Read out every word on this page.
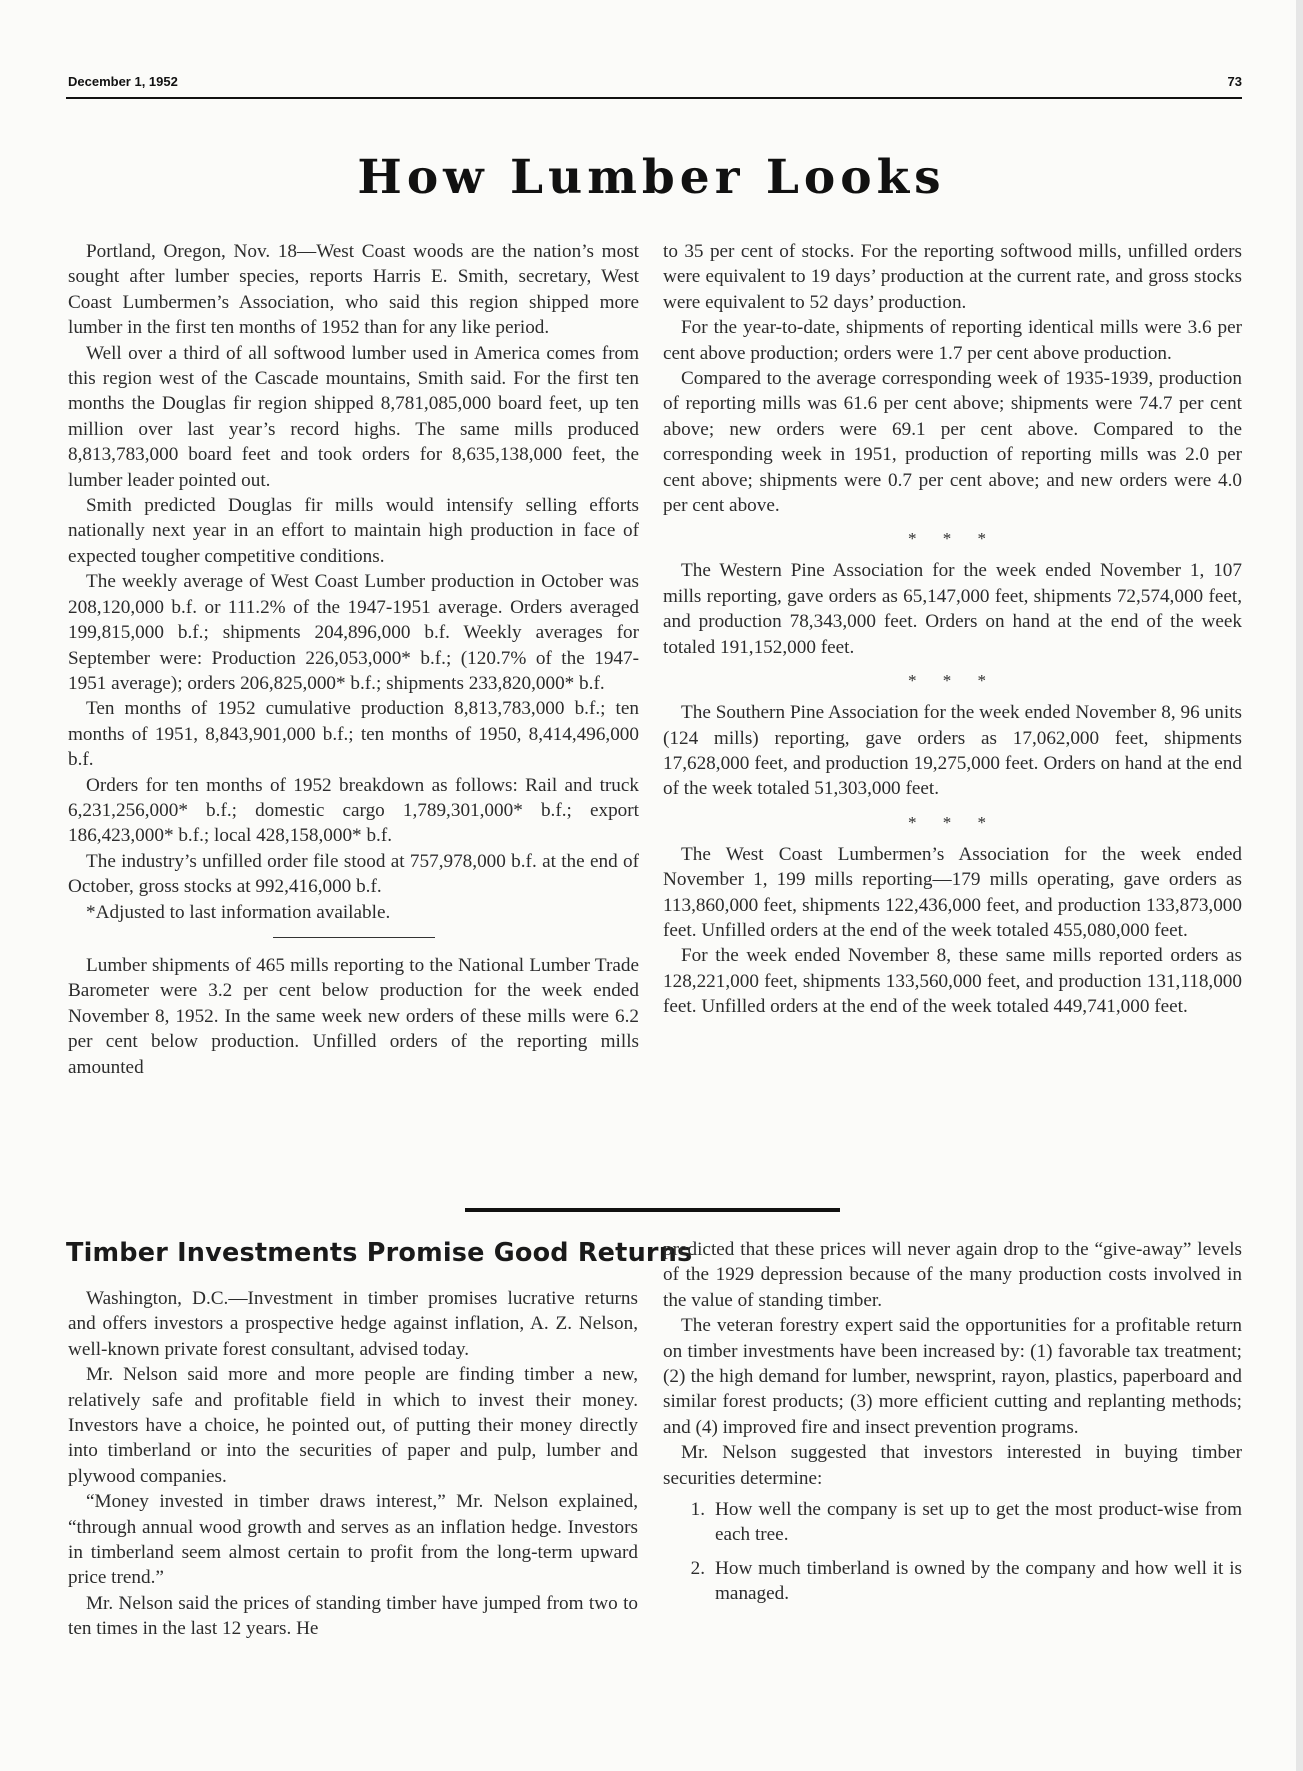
December 1, 1952	73
How Lumber Looks

Portland, Oregon, Nov. 18—West Coast woods are the nation’s most sought after lumber species, reports Harris E. Smith, secretary, West Coast Lumbermen’s Association, who said this region shipped more lumber in the first ten months of 1952 than for any like period.

Well over a third of all softwood lumber used in America comes from this region west of the Cascade mountains, Smith said. For the first ten months the Douglas fir region shipped 8,781,085,000 board feet, up ten million over last year’s record highs. The same mills produced 8,813,783,000 board feet and took orders for 8,635,138,000 feet, the lumber leader pointed out.

Smith predicted Douglas fir mills would intensify selling efforts nationally next year in an effort to maintain high production in face of expected tougher competitive conditions.

The weekly average of West Coast Lumber production in October was 208,120,000 b.f. or 111.2% of the 1947-1951 average. Orders averaged 199,815,000 b.f.; shipments 204,896,000 b.f. Weekly averages for September were: Production 226,053,000* b.f.; (120.7% of the 1947-1951 average); orders 206,825,000* b.f.; shipments 233,820,000* b.f.

Ten months of 1952 cumulative production 8,813,783,000 b.f.; ten months of 1951, 8,843,901,000 b.f.; ten months of 1950, 8,414,496,000 b.f.

Orders for ten months of 1952 breakdown as follows: Rail and truck 6,231,256,000* b.f.; domestic cargo 1,789,301,000* b.f.; export 186,423,000* b.f.; local 428,158,000* b.f.

The industry’s unfilled order file stood at 757,978,000 b.f. at the end of October, gross stocks at 992,416,000 b.f.

*Adjusted to last information available.

Lumber shipments of 465 mills reporting to the National Lumber Trade Barometer were 3.2 per cent below production for the week ended November 8, 1952. In the same week new orders of these mills were 6.2 per cent below production. Unfilled orders of the reporting mills amounted

to 35 per cent of stocks. For the reporting softwood mills, unfilled orders were equivalent to 19 days’ production at the current rate, and gross stocks were equivalent to 52 days’ production.

For the year-to-date, shipments of reporting identical mills were 3.6 per cent above production; orders were 1.7 per cent above production.

Compared to the average corresponding week of 1935-1939, production of reporting mills was 61.6 per cent above; shipments were 74.7 per cent above; new orders were 69.1 per cent above. Compared to the corresponding week in 1951, production of reporting mills was 2.0 per cent above; shipments were 0.7 per cent above; and new orders were 4.0 per cent above.

* * *

The Western Pine Association for the week ended November 1, 107 mills reporting, gave orders as 65,147,000 feet, shipments 72,574,000 feet, and production 78,343,000 feet. Orders on hand at the end of the week totaled 191,152,000 feet.

* * *

The Southern Pine Association for the week ended November 8, 96 units (124 mills) reporting, gave orders as 17,062,000 feet, shipments 17,628,000 feet, and production 19,275,000 feet. Orders on hand at the end of the week totaled 51,303,000 feet.

* * *

The West Coast Lumbermen’s Association for the week ended November 1, 199 mills reporting—179 mills operating, gave orders as 113,860,000 feet, shipments 122,436,000 feet, and production 133,873,000 feet. Unfilled orders at the end of the week totaled 455,080,000 feet.

For the week ended November 8, these same mills reported orders as 128,221,000 feet, shipments 133,560,000 feet, and production 131,118,000 feet. Unfilled orders at the end of the week totaled 449,741,000 feet.

Timber Investments Promise Good Returns

Washington, D.C.—Investment in timber promises lucrative returns and offers investors a prospective hedge against inflation, A. Z. Nelson, well-known private forest consultant, advised today.

Mr. Nelson said more and more people are finding timber a new, relatively safe and profitable field in which to invest their money. Investors have a choice, he pointed out, of putting their money directly into timberland or into the securities of paper and pulp, lumber and plywood companies.

“Money invested in timber draws interest,” Mr. Nelson explained, “through annual wood growth and serves as an inflation hedge. Investors in timberland seem almost certain to profit from the long-term upward price trend.”

Mr. Nelson said the prices of standing timber have jumped from two to ten times in the last 12 years. He

predicted that these prices will never again drop to the “give-away” levels of the 1929 depression because of the many production costs involved in the value of standing timber.

The veteran forestry expert said the opportunities for a profitable return on timber investments have been increased by: (1) favorable tax treatment; (2) the high demand for lumber, newsprint, rayon, plastics, paperboard and similar forest products; (3) more efficient cutting and replanting methods; and (4) improved fire and insect prevention programs.

Mr. Nelson suggested that investors interested in buying timber securities determine:

1. How well the company is set up to get the most product-wise from each tree.
2. How much timberland is owned by the company and how well it is managed.
